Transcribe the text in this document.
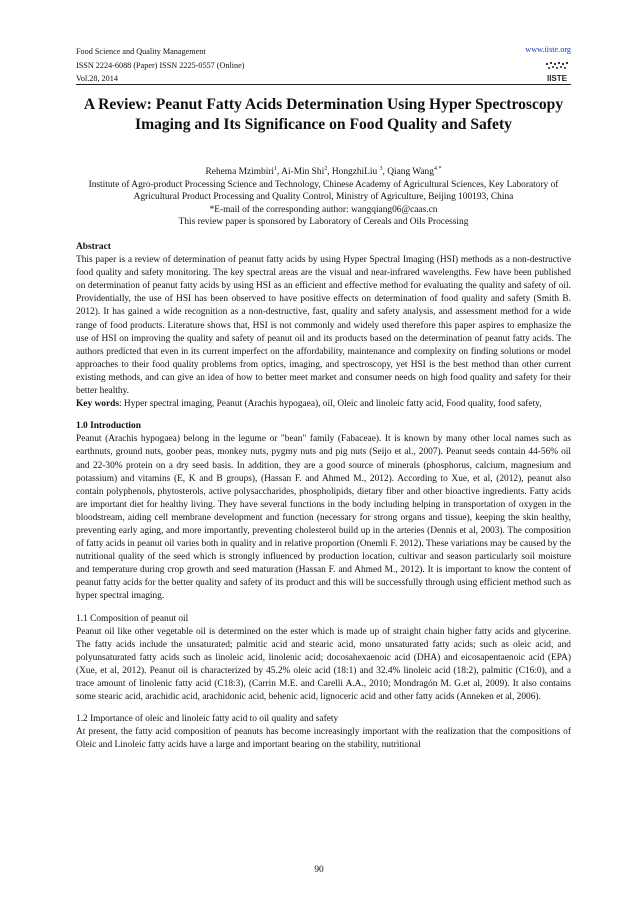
Food Science and Quality Management
ISSN 2224-6088 (Paper) ISSN 2225-0557 (Online)
Vol.28, 2014
www.iiste.org
IISTE
A Review: Peanut Fatty Acids Determination Using Hyper Spectroscopy Imaging and Its Significance on Food Quality and Safety
Rehema Mzimbiri$^1$, Ai-Min Shi$^2$, HongzhiLiu $^3$, Qiang Wang$^{4 *}$
Institute of Agro-product Processing Science and Technology, Chinese Academy of Agricultural Sciences, Key Laboratory of Agricultural Product Processing and Quality Control, Ministry of Agriculture, Beijing 100193, China
*E-mail of the corresponding author: wangqiang06@caas.cn
This review paper is sponsored by Laboratory of Cereals and Oils Processing

Abstract

This paper is a review of determination of peanut fatty acids by using Hyper Spectral Imaging (HSI) methods as a non-destructive food quality and safety monitoring. The key spectral areas are the visual and near-infrared wavelengths. Few have been published on determination of peanut fatty acids by using HSI as an efficient and effective method for evaluating the quality and safety of oil. Providentially, the use of HSI has been observed to have positive effects on determination of food quality and safety (Smith B. 2012). It has gained a wide recognition as a non-destructive, fast, quality and safety analysis, and assessment method for a wide range of food products. Literature shows that, HSI is not commonly and widely used therefore this paper aspires to emphasize the use of HSI on improving the quality and safety of peanut oil and its products based on the determination of peanut fatty acids. The authors predicted that even in its current imperfect on the affordability, maintenance and complexity on finding solutions or model approaches to their food quality problems from optics, imaging, and spectroscopy, yet HSI is the best method than other current existing methods, and can give an idea of how to better meet market and consumer needs on high food quality and safety for their better healthy.

Key words: Hyper spectral imaging, Peanut (Arachis hypogaea), oil, Oleic and linoleic fatty acid, Food quality, food safety,

1.0 Introduction

Peanut (Arachis hypogaea) belong in the legume or "bean" family (Fabaceae). It is known by many other local names such as earthnuts, ground nuts, goober peas, monkey nuts, pygmy nuts and pig nuts (Seijo et al., 2007). Peanut seeds contain 44-56% oil and 22-30% protein on a dry seed basis. In addition, they are a good source of minerals (phosphorus, calcium, magnesium and potassium) and vitamins (E, K and B groups), (Hassan F. and Ahmed M., 2012). According to Xue, et al, (2012), peanut also contain polyphenols, phytosterols, active polysaccharides, phospholipids, dietary fiber and other bioactive ingredients. Fatty acids are important diet for healthy living. They have several functions in the body including helping in transportation of oxygen in the bloodstream, aiding cell membrane development and function (necessary for strong organs and tissue), keeping the skin healthy, preventing early aging, and more importantly, preventing cholesterol build up in the arteries (Dennis et al, 2003). The composition of fatty acids in peanut oil varies both in quality and in relative proportion (Onemli F. 2012). These variations may be caused by the nutritional quality of the seed which is strongly influenced by production location, cultivar and season particularly soil moisture and temperature during crop growth and seed maturation (Hassan F. and Ahmed M., 2012). It is important to know the content of peanut fatty acids for the better quality and safety of its product and this will be successfully through using efficient method such as hyper spectral imaging.

1.1 Composition of peanut oil

Peanut oil like other vegetable oil is determined on the ester which is made up of straight chain higher fatty acids and glycerine. The fatty acids include the unsaturated; palmitic acid and stearic acid, mono unsaturated fatty acids; such as oleic acid, and polyunsaturated fatty acids such as linoleic acid, linolenic acid; docosahexaenoic acid (DHA) and eicosapentaenoic acid (EPA) (Xue, et al, 2012). Peanut oil is characterized by 45.2% oleic acid (18:1) and 32.4% linoleic acid (18:2), palmitic (C16:0), and a trace amount of linolenic fatty acid (C18:3), (Carrin M.E. and Carelli A.A., 2010; Mondragón M. G.et al, 2009). It also contains some stearic acid, arachidic acid, arachidonic acid, behenic acid, lignoceric acid and other fatty acids (Anneken et al, 2006).

1.2 Importance of oleic and linoleic fatty acid to oil quality and safety

At present, the fatty acid composition of peanuts has become increasingly important with the realization that the compositions of Oleic and Linoleic fatty acids have a large and important bearing on the stability, nutritional

90
